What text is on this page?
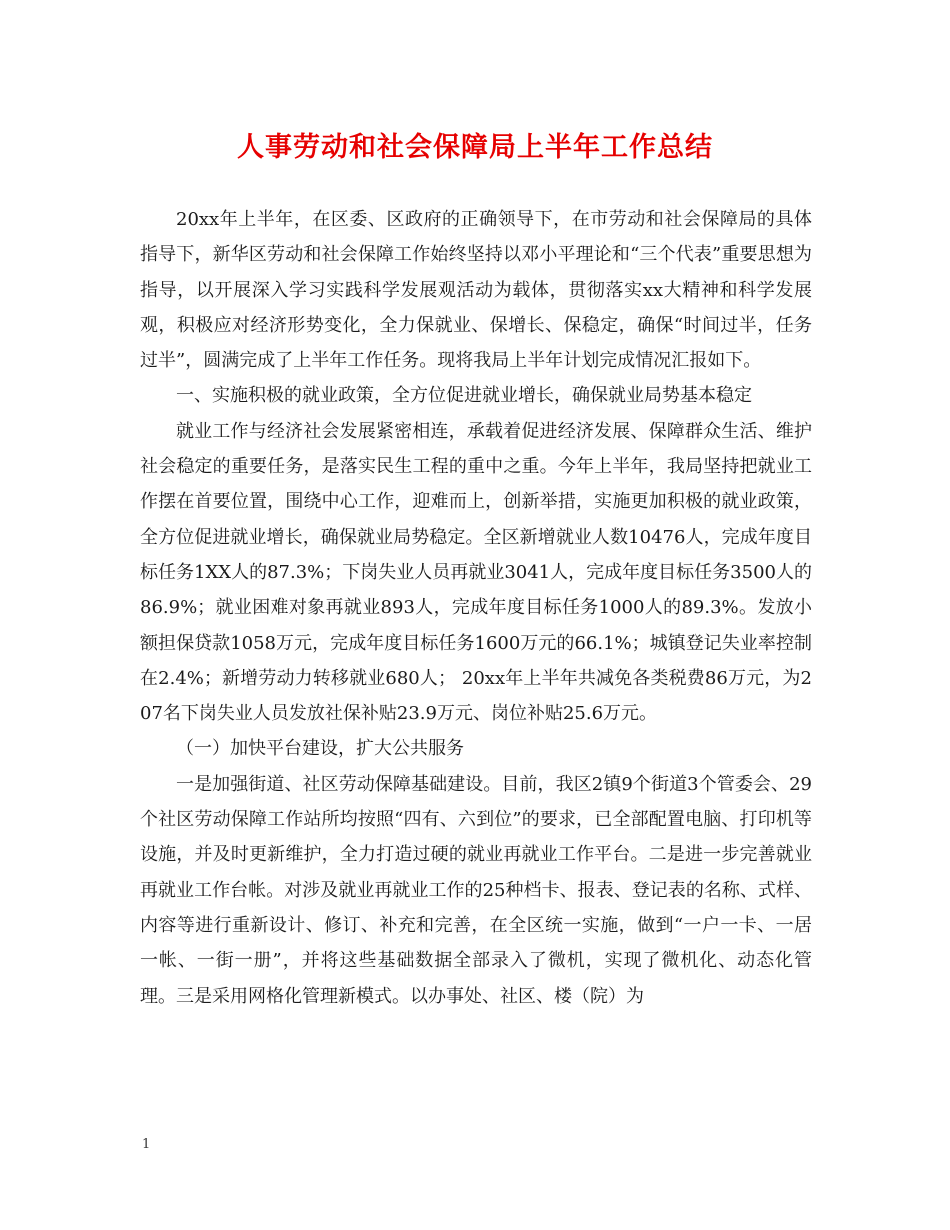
人事劳动和社会保障局上半年工作总结

20xx年上半年，在区委、区政府的正确领导下，在市劳动和社会保障局的具体指导下，新华区劳动和社会保障工作始终坚持以邓小平理论和“三个代表”重要思想为指导，以开展深入学习实践科学发展观活动为载体，贯彻落实xx大精神和科学发展观，积极应对经济形势变化，全力保就业、保增长、保稳定，确保“时间过半，任务过半”，圆满完成了上半年工作任务。现将我局上半年计划完成情况汇报如下。

一、实施积极的就业政策，全方位促进就业增长，确保就业局势基本稳定

就业工作与经济社会发展紧密相连，承载着促进经济发展、保障群众生活、维护社会稳定的重要任务，是落实民生工程的重中之重。今年上半年，我局坚持把就业工作摆在首要位置，围绕中心工作，迎难而上，创新举措，实施更加积极的就业政策，全方位促进就业增长，确保就业局势稳定。全区新增就业人数10476人，完成年度目标任务1XX人的87.3%；下岗失业人员再就业3041人，完成年度目标任务3500人的86.9%；就业困难对象再就业893人，完成年度目标任务1000人的89.3%。发放小额担保贷款1058万元，完成年度目标任务1600万元的66.1%；城镇登记失业率控制在2.4%；新增劳动力转移就业680人； 20xx年上半年共减免各类税费86万元，为207名下岗失业人员发放社保补贴23.9万元、岗位补贴25.6万元。

（一）加快平台建设，扩大公共服务

一是加强街道、社区劳动保障基础建设。目前，我区2镇9个街道3个管委会、29个社区劳动保障工作站所均按照“四有、六到位”的要求，已全部配置电脑、打印机等设施，并及时更新维护，全力打造过硬的就业再就业工作平台。二是进一步完善就业再就业工作台帐。对涉及就业再就业工作的25种档卡、报表、登记表的名称、式样、内容等进行重新设计、修订、补充和完善，在全区统一实施，做到“一户一卡、一居一帐、一街一册”，并将这些基础数据全部录入了微机，实现了微机化、动态化管理。三是采用网格化管理新模式。以办事处、社区、楼（院）为

1
